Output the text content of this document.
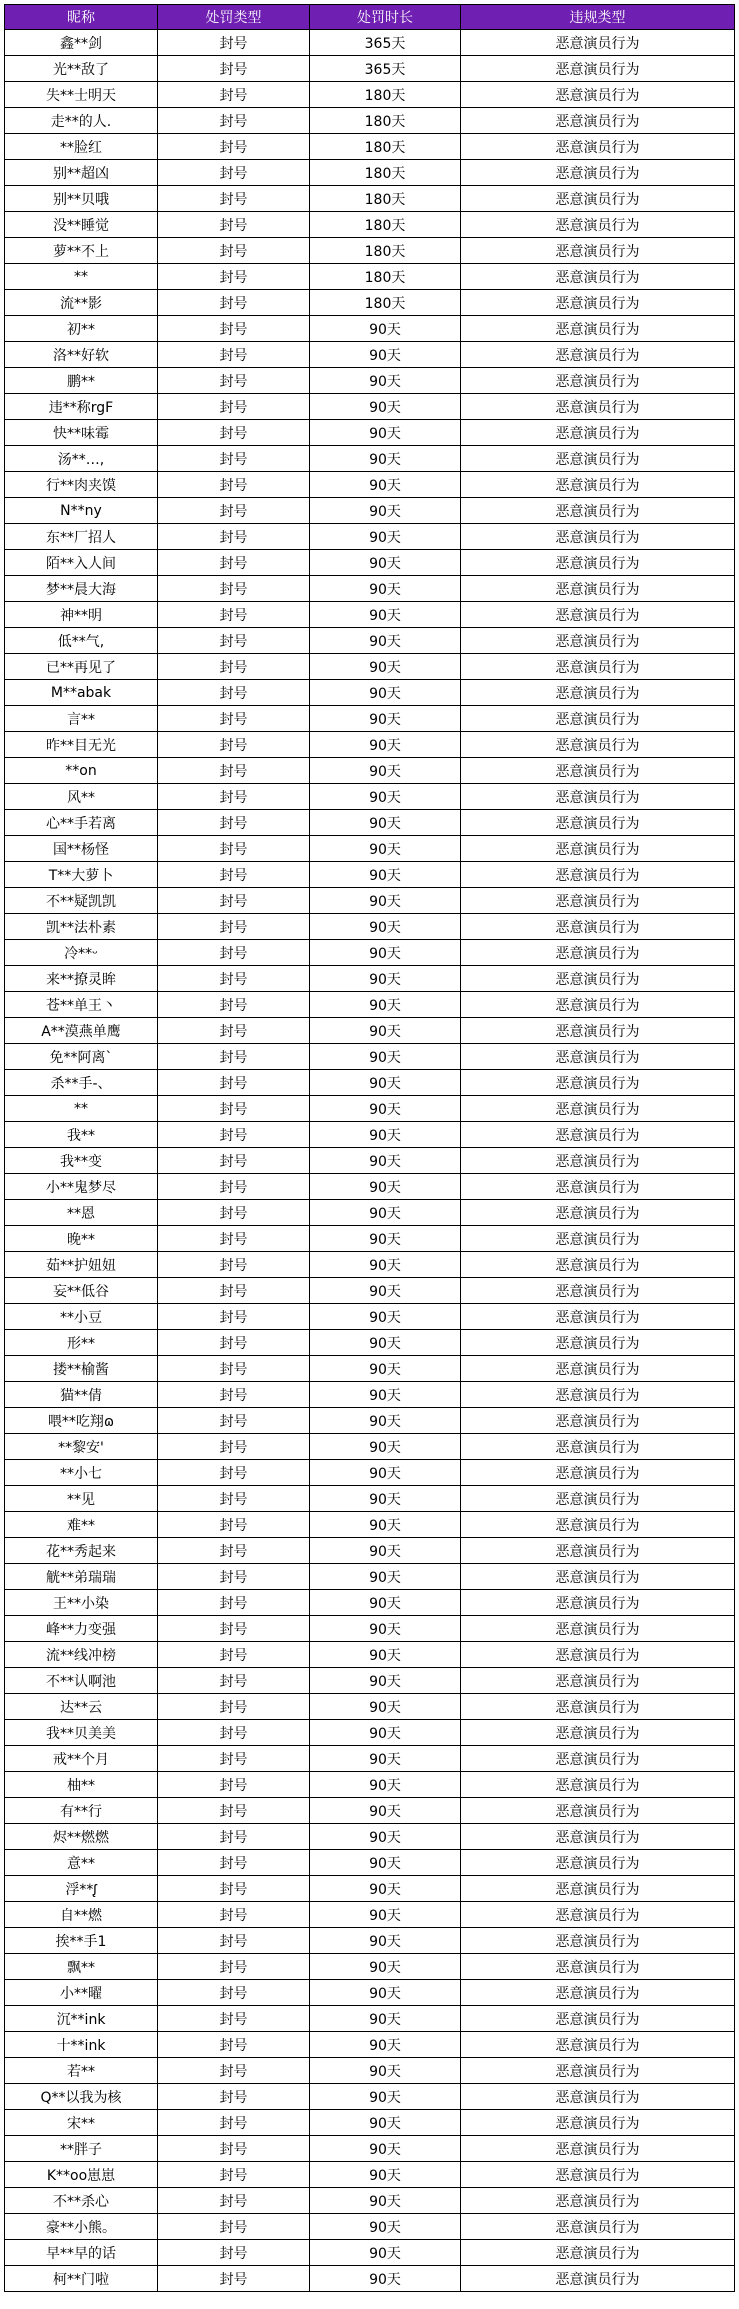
昵称	处罚类型	处罚时长	违规类型
鑫**剑	封号	365天	恶意演员行为
光**敌了	封号	365天	恶意演员行为
失**士明天	封号	180天	恶意演员行为
走**的人.	封号	180天	恶意演员行为
**脸红	封号	180天	恶意演员行为
别**超凶	封号	180天	恶意演员行为
别**贝哦	封号	180天	恶意演员行为
没**睡觉	封号	180天	恶意演员行为
萝**不上	封号	180天	恶意演员行为
**	封号	180天	恶意演员行为
流**影	封号	180天	恶意演员行为
初**	封号	90天	恶意演员行为
洛**好软	封号	90天	恶意演员行为
鹏**	封号	90天	恶意演员行为
违**称rgF	封号	90天	恶意演员行为
快**味霉	封号	90天	恶意演员行为
汤**…,	封号	90天	恶意演员行为
行**肉夹馍	封号	90天	恶意演员行为
N**ny	封号	90天	恶意演员行为
东**厂招人	封号	90天	恶意演员行为
陌**入人间	封号	90天	恶意演员行为
梦**晨大海	封号	90天	恶意演员行为
神**明	封号	90天	恶意演员行为
低**气,	封号	90天	恶意演员行为
已**再见了	封号	90天	恶意演员行为
M**abak	封号	90天	恶意演员行为
言**	封号	90天	恶意演员行为
昨**目无光	封号	90天	恶意演员行为
**on	封号	90天	恶意演员行为
风**	封号	90天	恶意演员行为
心**手若离	封号	90天	恶意演员行为
国**杨怪	封号	90天	恶意演员行为
T**大萝卜	封号	90天	恶意演员行为
不**疑凯凯	封号	90天	恶意演员行为
凯**法朴素	封号	90天	恶意演员行为
冷**ᵕ	封号	90天	恶意演员行为
来**撩灵眸	封号	90天	恶意演员行为
苍**单王丶	封号	90天	恶意演员行为
A**漠燕单鹰	封号	90天	恶意演员行为
免**阿离`	封号	90天	恶意演员行为
杀**手-、	封号	90天	恶意演员行为
**	封号	90天	恶意演员行为
我**	封号	90天	恶意演员行为
我**变	封号	90天	恶意演员行为
小**鬼梦尽	封号	90天	恶意演员行为
**恩	封号	90天	恶意演员行为
晚**	封号	90天	恶意演员行为
茹**护妞妞	封号	90天	恶意演员行为
妄**低谷	封号	90天	恶意演员行为
**小豆	封号	90天	恶意演员行为
形**	封号	90天	恶意演员行为
搂**榆酱	封号	90天	恶意演员行为
猫**倩	封号	90天	恶意演员行为
喂**吃翔ɷ	封号	90天	恶意演员行为
**黎安'	封号	90天	恶意演员行为
**小七	封号	90天	恶意演员行为
**见	封号	90天	恶意演员行为
难**	封号	90天	恶意演员行为
花**秀起来	封号	90天	恶意演员行为
觥**弟瑞瑞	封号	90天	恶意演员行为
王**小染	封号	90天	恶意演员行为
峰**力变强	封号	90天	恶意演员行为
流**线冲榜	封号	90天	恶意演员行为
不**认啊池	封号	90天	恶意演员行为
达**云	封号	90天	恶意演员行为
我**贝美美	封号	90天	恶意演员行为
戒**个月	封号	90天	恶意演员行为
柚**	封号	90天	恶意演员行为
有**行	封号	90天	恶意演员行为
烬**燃燃	封号	90天	恶意演员行为
意**	封号	90天	恶意演员行为
浮**ᶘ	封号	90天	恶意演员行为
自**燃	封号	90天	恶意演员行为
挨**手1	封号	90天	恶意演员行为
飘**	封号	90天	恶意演员行为
小**曜	封号	90天	恶意演员行为
沉**ink	封号	90天	恶意演员行为
十**ink	封号	90天	恶意演员行为
若**	封号	90天	恶意演员行为
Q**以我为核	封号	90天	恶意演员行为
宋**	封号	90天	恶意演员行为
**胖子	封号	90天	恶意演员行为
K**oo崽崽	封号	90天	恶意演员行为
不**杀心	封号	90天	恶意演员行为
豪**小熊。	封号	90天	恶意演员行为
早**早的话	封号	90天	恶意演员行为
柯**门啦	封号	90天	恶意演员行为
